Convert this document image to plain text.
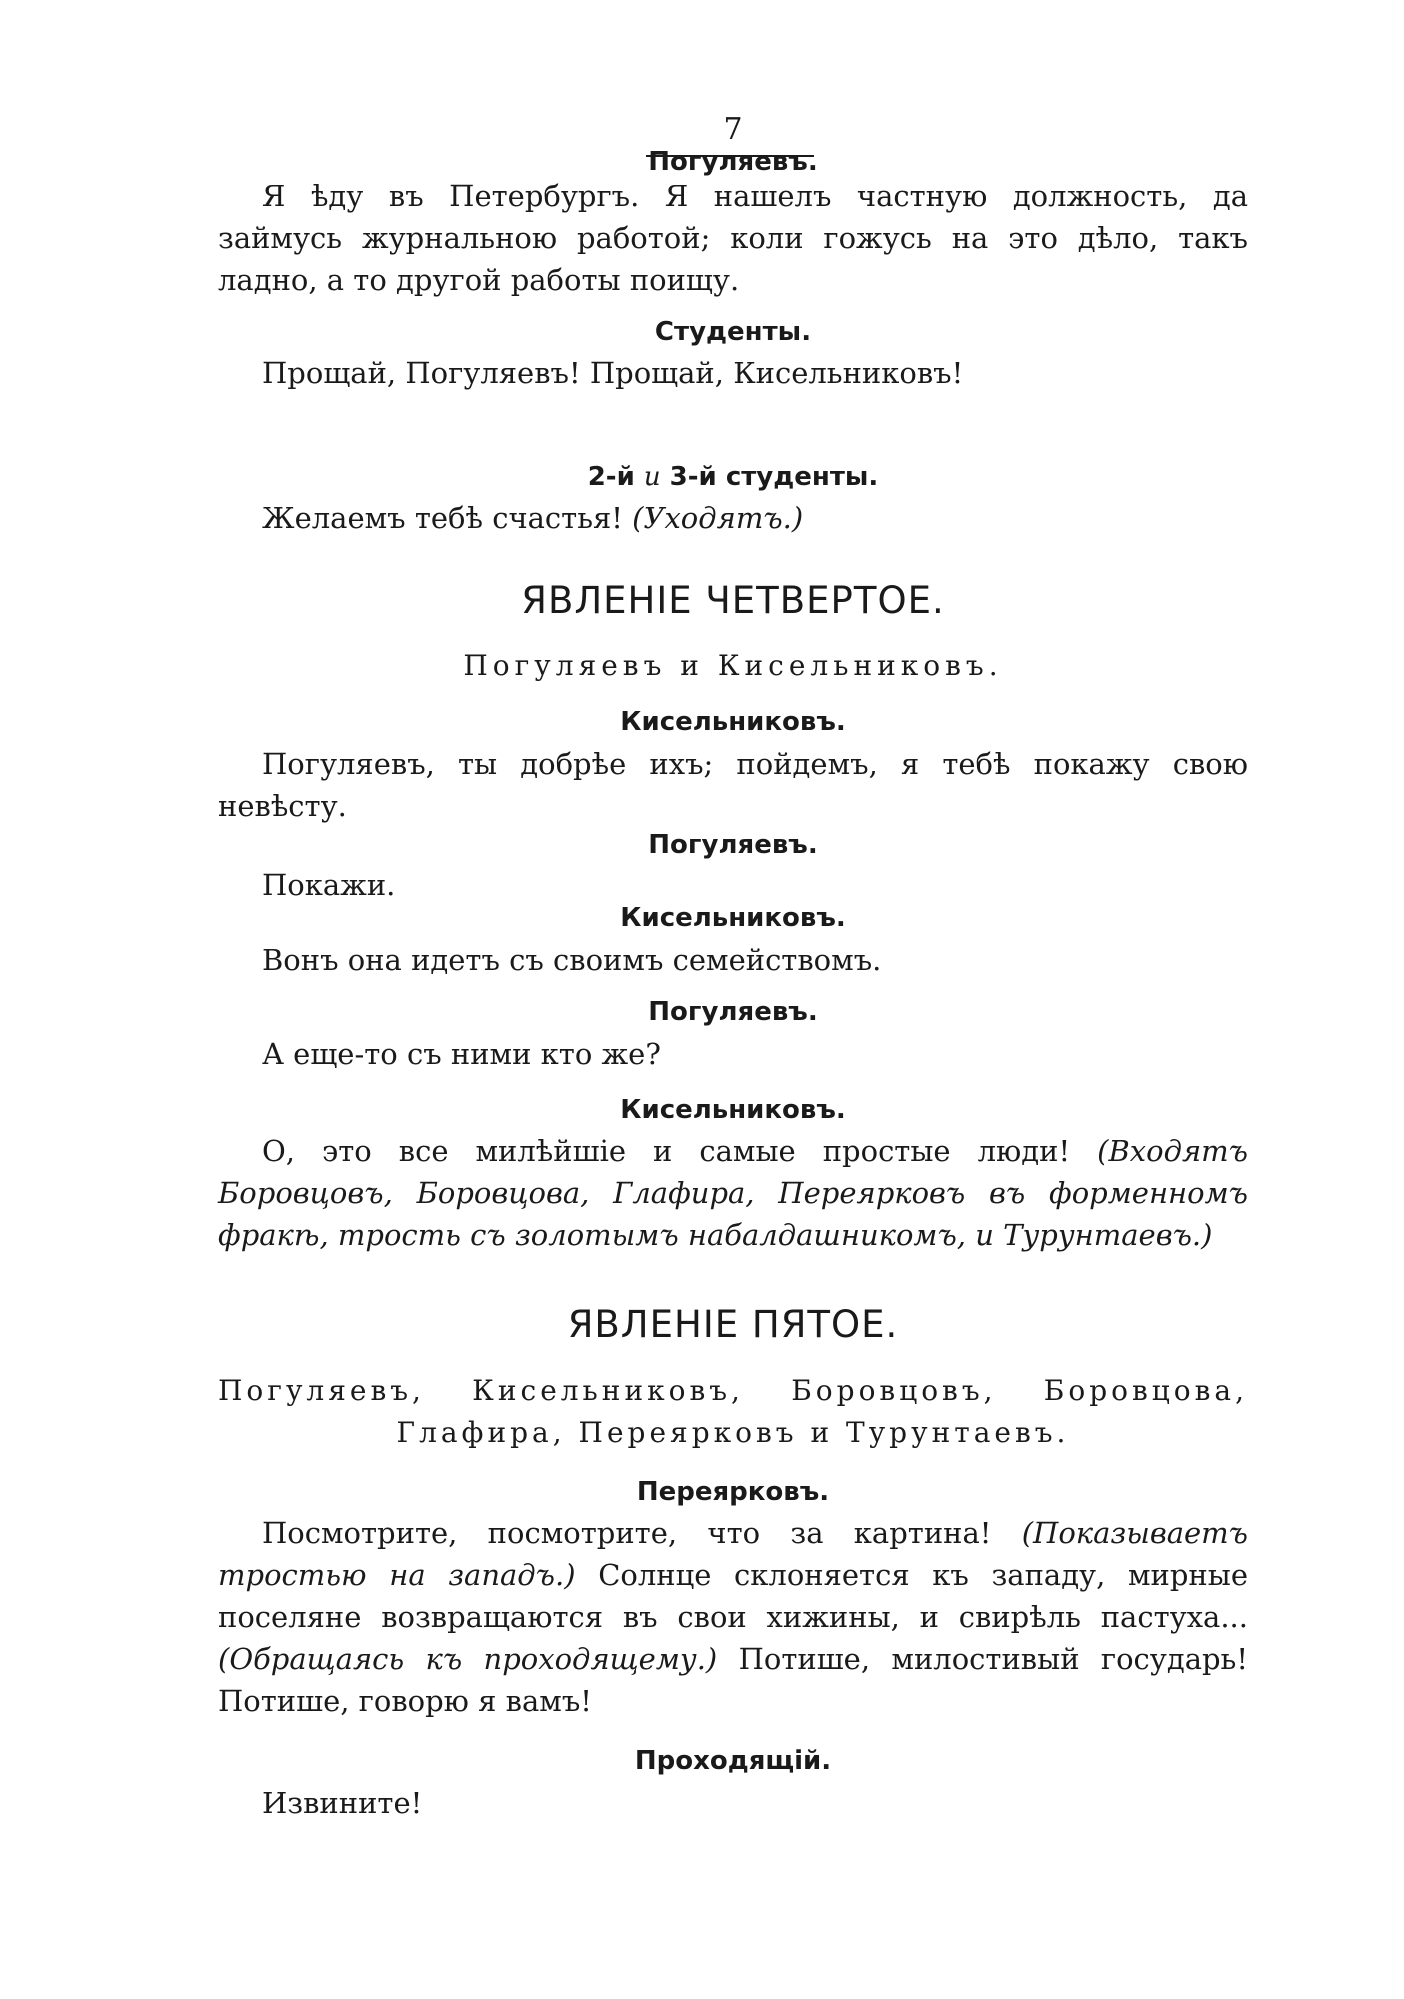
7
Погуляевъ.

Я ѣду въ Петербургъ. Я нашелъ частную должность, да займусь журнальною работой; коли гожусь на это дѣло, такъ ладно, а то другой работы поищу.

Студенты.

Прощай, Погуляевъ! Прощай, Кисельниковъ!

2-й и 3-й студенты.

Желаемъ тебѣ счастья! (Уходятъ.)

ЯВЛЕНІЕ ЧЕТВЕРТОЕ.

Погуляевъ и Кисельниковъ.

Кисельниковъ.

Погуляевъ, ты добрѣе ихъ; пойдемъ, я тебѣ покажу свою невѣсту.

Погуляевъ.

Покажи.

Кисельниковъ.

Вонъ она идетъ съ своимъ семействомъ.

Погуляевъ.

А еще-то съ ними кто же?

Кисельниковъ.

О, это все милѣйшіе и самые простые люди! (Входятъ Боровцовъ, Боровцова, Глафира, Переярковъ въ форменномъ фракѣ, трость съ золотымъ набалдашникомъ, и Турунтаевъ.)

ЯВЛЕНІЕ ПЯТОЕ.

Погуляевъ, Кисельниковъ, Боровцовъ, Боровцова, Глафира, Переярковъ и Турунтаевъ.

Переярковъ.

Посмотрите, посмотрите, что за картина! (Показываетъ тростью на западъ.) Солнце склоняется къ западу, мирные поселяне возвращаются въ свои хижины, и свирѣль пастуха... (Обращаясь къ проходящему.) Потише, милостивый государь! Потише, говорю я вамъ!

Проходящій.

Извините!
